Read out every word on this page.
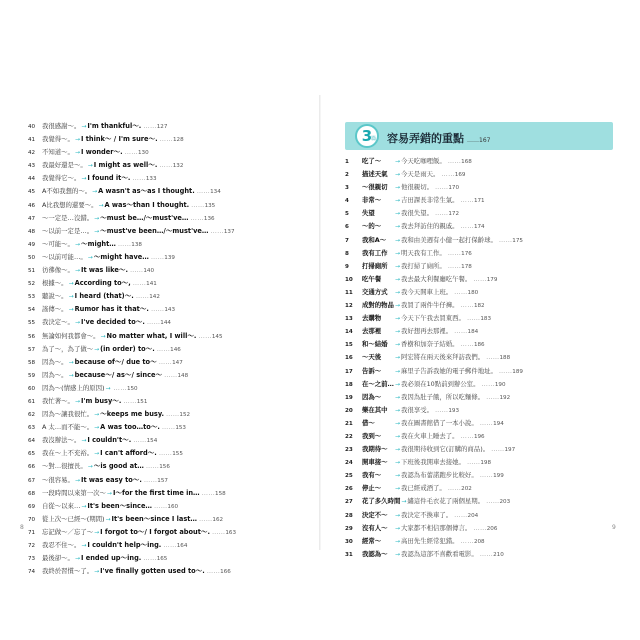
40 我很感謝～。→I'm thankful～. ……127
41 我覺得～。→I think～ / I'm sure～. ……128
42 不知道～。→I wonder～. ……130
43 我最好還是～。→I might as well～. ……132
44 我覺得它～。→I found it～. ……133
45 A不如我想的～。→A wasn't as～as I thought. ……134
46 A比我想的還要～。→A was～than I thought. ……135
47 ～一定是…沒錯。→～must be…/～must've… ……136
48 ～以前一定是…。→～must've been…/～must've… ……137
49 ～可能～。→～might… ……138
50 ～以前可能…。→～might have… ……139
51 彷彿像～。→It was like～. ……140
52 根據～。→According to～, ……141
53 聽說～。→I heard (that)～. ……142
54 謠傳～。→Rumor has it that～. ……143
55 我決定～。→I've decided to～. ……144
56 無論如何我都會～。→No matter what, I will～. ……145
57 為了～，為了做～→(in order) to～. ……146
58 因為～。→because of～/ due to～ ……147
59 因為～。→because～/ as～/ since～ ……148
60 因為～(情感上的原因)→ ……150
61 我忙著～。→I'm busy～. ……151
62 因為～讓我很忙。→～keeps me busy. ……152
63 A 太…而不能～。→A was too…to～. ……153
64 我沒辦法～。→I couldn't～. ……154
65 我在～上不充裕。→I can't afford～. ……155
66 ～對…很擅長。→～is good at… ……156
67 ～很容易。→It was easy to～. ……157
68 一段時間以來第一次～→I～for the first time in… ……158
69 自從～以來…→It's been～since… ……160
70 從上次～已經～(期間)→It's been～since I last… ……162
71 忘記做～／忘了～→I forgot to～/ I forgot about～. ……163
72 我忍不住～。→I couldn't help～ing. ……164
73 最後卻～。→I ended up～ing. ……165
74 我終於習慣～了。→I've finally gotten used to～. ……166
3
篇 容易弄錯的重點 ……167
1 吃了～ →今天吃咖哩飯。 ……168
2 描述天氣 →今天是雨天。 ……169
3 ～很親切 →他很親切。 ……170
4 非常～ →吉田課長非常生氣。 ……171
5 失望	→我很失望。 ……172
6 ～的～ →我去拜訪住的親戚。 ……174
7 我和A～ →我和由美週有小健一起打保齡球。 ……175
8 我有工作 →明天我有工作。 ……176
9 打掃廁所 →我打掃了廁所。 ……178
10 吃午餐 →我去最大利餐廳吃午餐。 ……179
11 交通方式 →我今天開車上班。 ……180
12 成對的物品→我買了兩件牛仔褲。 ……182
13 去購物 →今天下午我去買東西。 ……183
14 去那裡 →我好想再去那裡。 ……184
15 和～結婚 →香樹和加奈子結婚。 ……186
16 ～天後 →阿宏將在兩天後來拜訪我們。 ……188
17 告訴～ →麻里子告訴我她的電子郵件地址。 ……189
18 在～之前…→我必須在10點前到辦公室。 ……190
19 因為～ →我因為肚子餓，所以吃麵條。 ……192
20 樂在其中 →我很享受。 ……193
21 借～	→我在圖書館借了一本小說。 ……194
22 我到～ →我在火車上睡去了。 ……196
23 我期待～ →我很期待收到它(訂購的商品)。 ……197
24 開車接～ →下班後我開車去接她。 ……198
25 我有～ →我認為布蕾諾跑步比較好。 ……199
26 停止～ →我已經戒酒了。 ……202
27 花了多久時間→繡這件毛衣花了兩個星期。 ……203
28 決定不～ →我決定不換車了。 ……204
29 沒有人～ →大家都不相信那個傳言。 ……206
30 經常～ →高田先生經常犯錯。 ……208
31 我認為～ →我認為這部不喜歡看電影。 ……210
8	9
